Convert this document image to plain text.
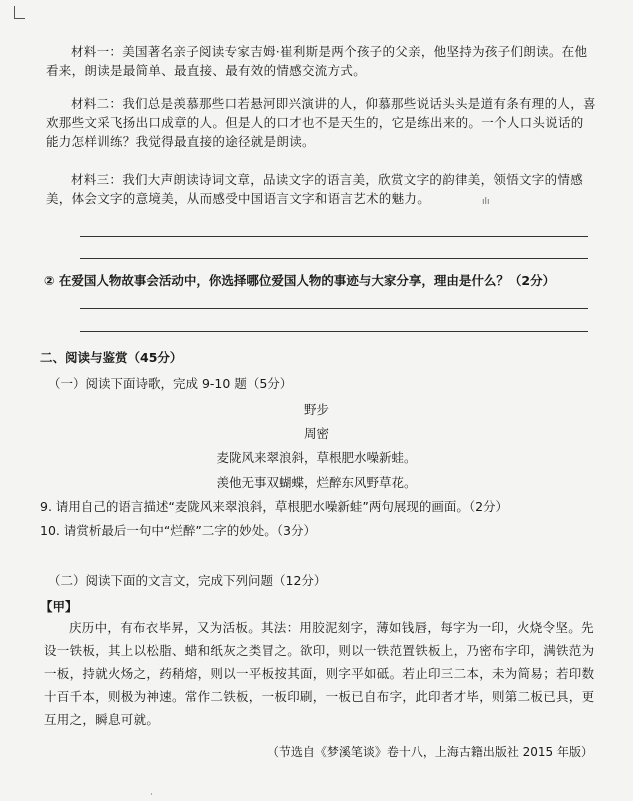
材料一：美国著名亲子阅读专家吉姆·崔利斯是两个孩子的父亲，他坚持为孩子们朗读。在他看来，朗读是最简单、最直接、最有效的情感交流方式。

材料二：我们总是羡慕那些口若悬河即兴演讲的人，仰慕那些说话头头是道有条有理的人，喜欢那些文采飞扬出口成章的人。但是人的口才也不是天生的，它是练出来的。一个人口头说话的能力怎样训练？我觉得最直接的途径就是朗读。

材料三：我们大声朗读诗词文章，品读文字的语言美，欣赏文字的韵律美，领悟文字的情感美，体会文字的意境美，从而感受中国语言文字和语言艺术的魅力。	ılı
② 在爱国人物故事会活动中，你选择哪位爱国人物的事迹与大家分享，理由是什么？（2分）
二、阅读与鉴赏（45分）
（一）阅读下面诗歌，完成 9-10 题（5分）
野步
周密
麦陇风来翠浪斜，草根肥水噪新蛙。
羡他无事双蝴蝶，烂醉东风野草花。
9. 请用自己的语言描述“麦陇风来翠浪斜，草根肥水噪新蛙”两句展现的画面。（2分）
10. 请赏析最后一句中“烂醉”二字的妙处。（3分）
（二）阅读下面的文言文，完成下列问题（12分）
【甲】

庆历中，有布衣毕昇，又为活板。其法：用胶泥刻字，薄如钱唇，每字为一印，火烧令坚。先设一铁板，其上以松脂、蜡和纸灰之类冒之。欲印，则以一铁范置铁板上，乃密布字印，满铁范为一板，持就火炀之，药稍熔，则以一平板按其面，则字平如砥。若止印三二本，未为简易；若印数十百千本，则极为神速。常作二铁板，一板印刷，一板已自布字，此印者才毕，则第二板已具，更互用之，瞬息可就。

（节选自《梦溪笔谈》卷十八，上海古籍出版社 2015 年版）
·
